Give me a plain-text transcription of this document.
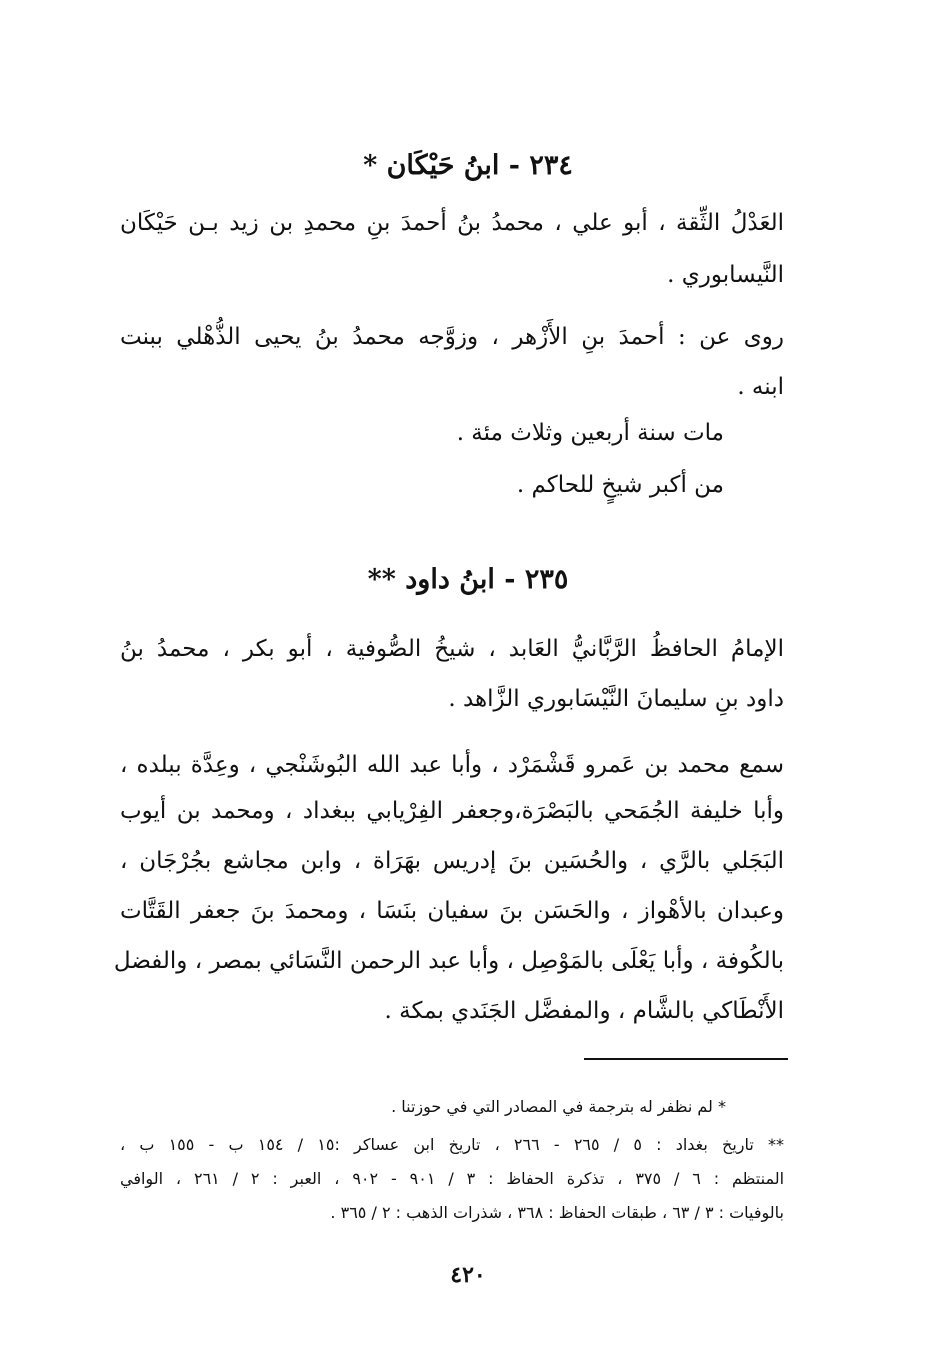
٢٣٤ - ابنُ حَيْكَان *
العَدْلُ الثِّقة ، أبو علي ، محمدُ بنُ أحمدَ بنِ محمدِ بن زيد بـن حَيْكَان
النَّيسابوري .
روى عن : أحمدَ بنِ الأَزْهر ، وزوَّجه محمدُ بنُ يحيى الذُّهْلي ببنت
ابنه .
مات سنة أربعين وثلاث مئة .
من أكبر شيخٍ للحاكم .
٢٣٥ - ابنُ داود **
الإمامُ الحافظُ الرَّبَّانيُّ العَابد ، شيخُ الصُّوفية ، أبو بكر ، محمدُ بنُ
داود بنِ سليمانَ النَّيْسَابوري الزَّاهد .
سمع محمد بن عَمرو قَشْمَرْد ، وأبا عبد الله البُوشَنْجي ، وعِدَّة ببلده ،
وأبا خليفة الجُمَحي بالبَصْرَة،وجعفر الفِرْيابي ببغداد ، ومحمد بن أيوب
البَجَلي بالرَّي ، والحُسَين بنَ إدريس بهَرَاة ، وابن مجاشع بجُرْجَان ،
وعبدان بالأهْواز ، والحَسَن بنَ سفيان بنَسَا ، ومحمدَ بنَ جعفر القَتَّات
بالكُوفة ، وأبا يَعْلَى بالمَوْصِل ، وأبا عبد الرحمن النَّسَائي بمصر ، والفضل
الأَنْطَاكي بالشَّام ، والمفضَّل الجَنَدي بمكة .
* لم نظفر له بترجمة في المصادر التي في حوزتنا .
** تاريخ بغداد : ٥ / ٢٦٥ - ٢٦٦ ، تاريخ ابن عساكر :١٥ / ١٥٤ ب - ١٥٥ ب ،
المنتظم : ٦ / ٣٧٥ ، تذكرة الحفاظ : ٣ / ٩٠١ - ٩٠٢ ، العبر : ٢ / ٢٦١ ، الوافي
بالوفيات : ٣ / ٦٣ ، طبقات الحفاظ : ٣٦٨ ، شذرات الذهب : ٢ / ٣٦٥ .
٤٢٠
